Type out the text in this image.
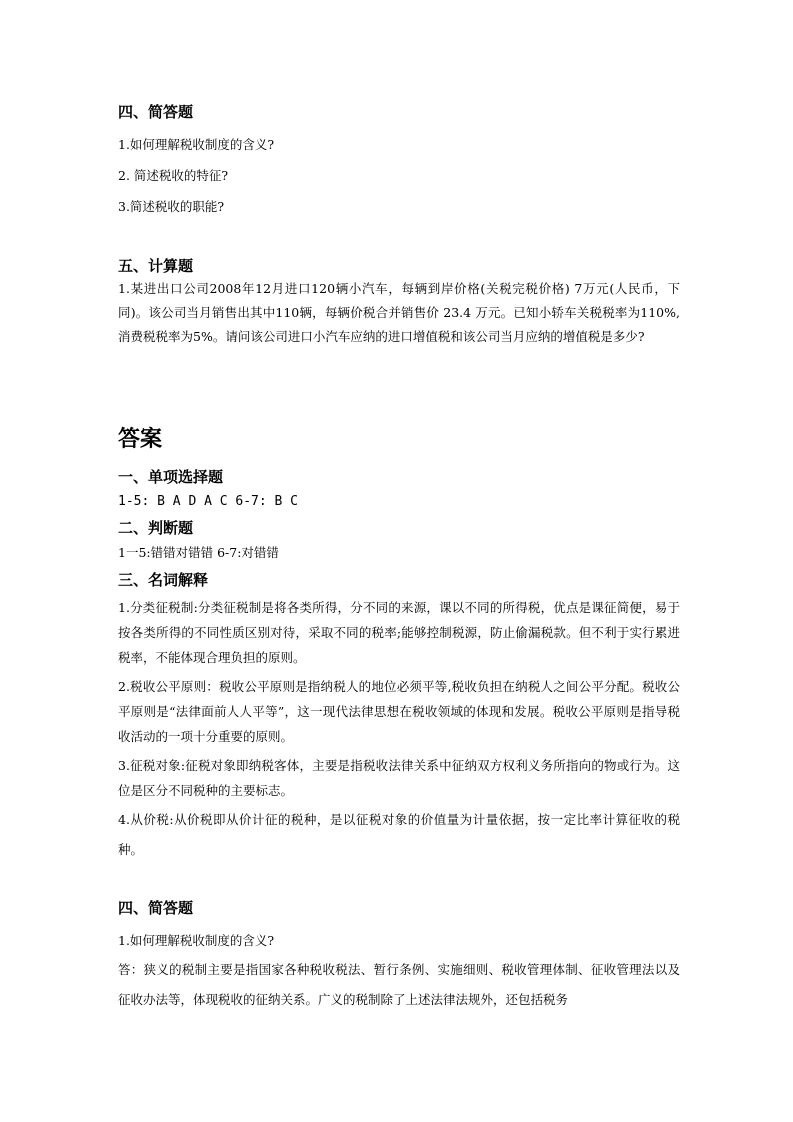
四、简答题

1.如何理解税收制度的含义?

2. 简述税收的特征?

3.简述税收的职能?

五、计算题

1.某进出口公司2008年12月进口120辆小汽车，每辆到岸价格(关税完税价格) 7万元(人民币，下同)。该公司当月销售出其中110辆，每辆价税合并销售价 23.4 万元。已知小轿车关税税率为110%,消费税税率为5%。请问该公司进口小汽车应纳的进口增值税和该公司当月应纳的增值税是多少?

答案
一、单项选择题

1-5: B A D A C 6-7: B C

二、判断题

1一5:错错对错错 6-7:对错错

三、名词解释

1.分类征税制:分类征税制是将各类所得，分不同的来源，课以不同的所得税，优点是课征简便，易于按各类所得的不同性质区别对待，采取不同的税率;能够控制税源，防止偷漏税款。但不利于实行累进税率，不能体现合理负担的原则。

2.税收公平原则：税收公平原则是指纳税人的地位必须平等,税收负担在纳税人之间公平分配。税收公平原则是“法律面前人人平等”，这一现代法律思想在税收领域的体现和发展。税收公平原则是指导税收活动的一项十分重要的原则。

3.征税对象:征税对象即纳税客体，主要是指税收法律关系中征纳双方权利义务所指向的物或行为。这位是区分不同税种的主要标志。

4.从价税:从价税即从价计征的税种，是以征税对象的价值量为计量依据，按一定比率计算征收的税种。

四、简答题

1.如何理解税收制度的含义?

答：狭义的税制主要是指国家各种税收税法、暂行条例、实施细则、税收管理体制、征收管理法以及征收办法等，体现税收的征纳关系。广义的税制除了上述法律法规外，还包括税务
